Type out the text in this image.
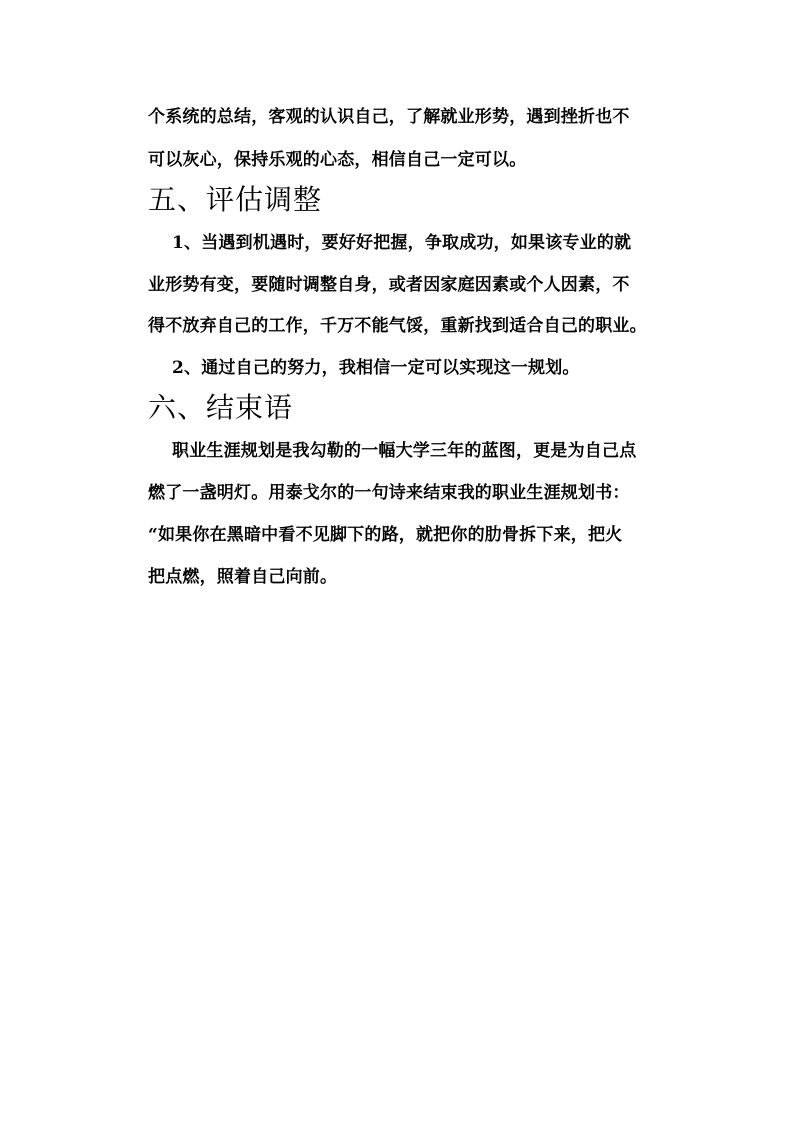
个系统的总结，客观的认识自己，了解就业形势，遇到挫折也不
可以灰心，保持乐观的心态，相信自己一定可以。
五、评估调整
1、当遇到机遇时，要好好把握，争取成功，如果该专业的就
业形势有变，要随时调整自身，或者因家庭因素或个人因素，不
得不放弃自己的工作，千万不能气馁，重新找到适合自己的职业。
2、通过自己的努力，我相信一定可以实现这一规划。
六、结束语
职业生涯规划是我勾勒的一幅大学三年的蓝图，更是为自己点
燃了一盏明灯。用泰戈尔的一句诗来结束我的职业生涯规划书：
“如果你在黑暗中看不见脚下的路，就把你的肋骨拆下来，把火
把点燃，照着自己向前。
